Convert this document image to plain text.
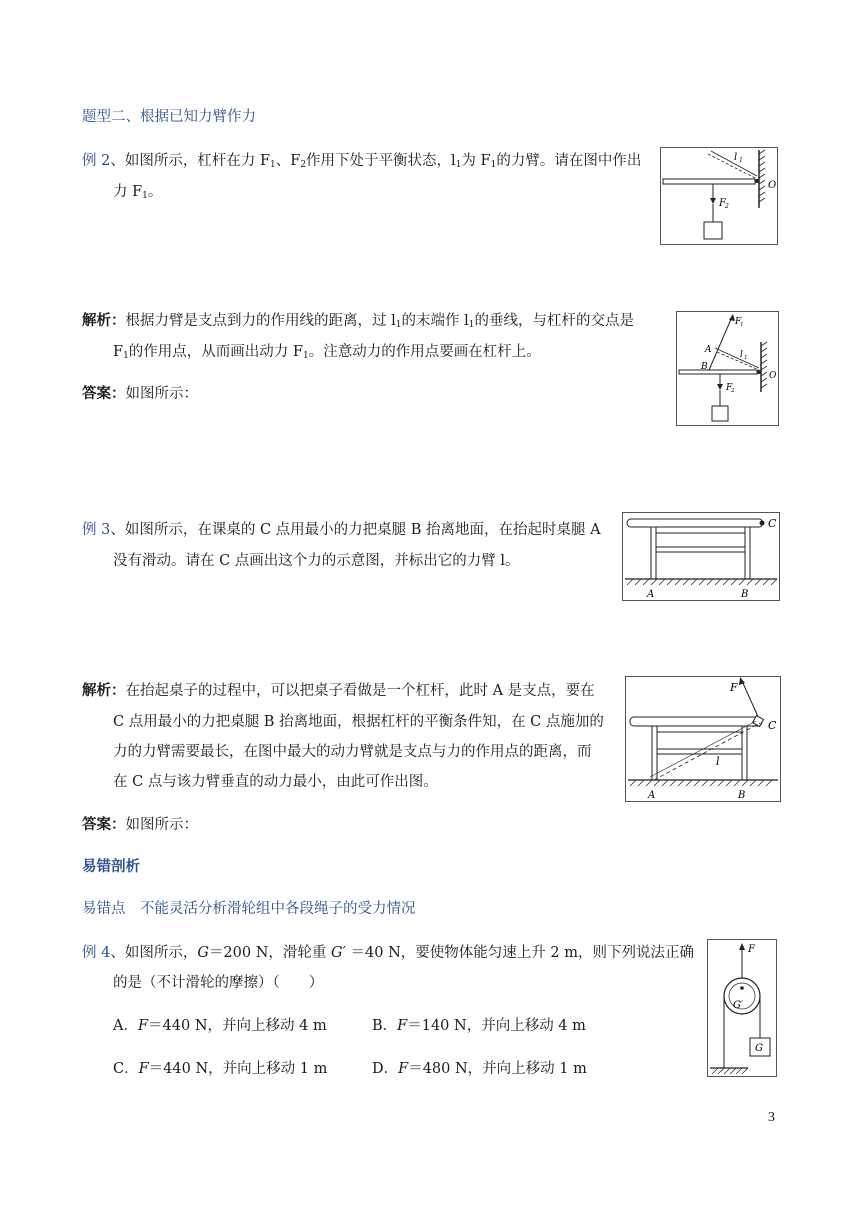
题型二、根据已知力臂作力
例 2、如图所示，杠杆在力 $F_1$、$F_2$作用下处于平衡状态，$l_1$为 $F_1$的力臂。请在图中作出
力 $F_1$。
l 1
O
F 2
解析：根据力臂是支点到力的作用线的距离，过 $l_1$的末端作 $l_1$的垂线，与杠杆的交点是
$F_1$的作用点，从而画出动力 $F_1$。注意动力的作用点要画在杠杆上。
答案：如图所示：
F
1
A
B
l 1
O
F
2
例 3、如图所示，在课桌的 C 点用最小的力把桌腿 B 抬离地面，在抬起时桌腿 A
没有滑动。请在 C 点画出这个力的示意图，并标出它的力臂 l。
C
A	B
解析：在抬起桌子的过程中，可以把桌子看做是一个杠杆，此时 A 是支点，要在
C 点用最小的力把桌腿 B 抬离地面，根据杠杆的平衡条件知，在 C 点施加的
力的力臂需要最长，在图中最大的动力臂就是支点与力的作用点的距离，而
在 C 点与该力臂垂直的动力最小，由此可作出图。
答案：如图所示：
F
C
l
A	B
易错剖析
易错点　不能灵活分析滑轮组中各段绳子的受力情况
例 4、如图所示，G＝200 N，滑轮重 G′ ＝40 N，要使物体能匀速上升 2 m，则下列说法正确
的是（不计滑轮的摩擦）（　　）
A．F＝440 N，并向上移动 4 m	B．F＝140 N，并向上移动 4 m
C．F＝440 N，并向上移动 1 m	D．F＝480 N，并向上移动 1 m
F
G′
G
3
